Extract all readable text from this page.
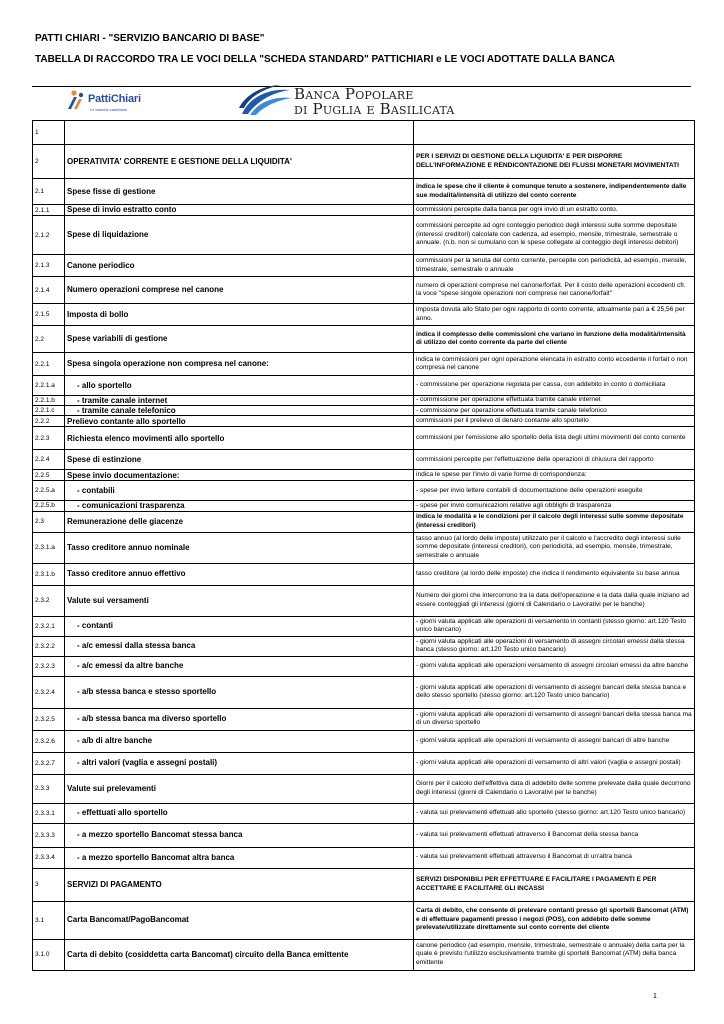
PATTI CHIARI - "SERVIZIO BANCARIO DI BASE"
TABELLA DI RACCORDO TRA LE VOCI DELLA "SCHEDA STANDARD" PATTICHIARI e LE VOCI ADOTTATE DALLA BANCA
PattiChiari
Le banche cambiano
Banca Popolare
di Puglia e Basilicata
1		
2	OPERATIVITA' CORRENTE E GESTIONE DELLA LIQUIDITA'	PER I SERVIZI DI GESTIONE DELLA LIQUIDITA' E PER DISPORRE DELL'INFORMAZIONE E RENDICONTAZIONE DEI FLUSSI MONETARI MOVIMENTATI
2.1	Spese fisse di gestione	indica le spese che il cliente è comunque tenuto a sostenere, indipendentemente dalle sue modalità/intensità di utilizzo del conto corrente
2.1.1	Spese di invio estratto conto	commissioni percepite dalla banca per ogni invio di un estratto conto.
2.1.2	Spese di liquidazione	commissioni percepite ad ogni conteggio periodico degli interessi sulle somme depositate (interessi creditori) calcolate con cadenza, ad esempio, mensile, trimestrale, semestrale o annuale. (n.b. non si cumulano con le spese collegate al conteggio degli interessi debitori)
2.1.3	Canone periodico	commissioni per la tenuta del conto corrente, percepite con periodicità, ad esempio, mensile, trimestrale, semestrale o annuale
2.1.4	Numero operazioni comprese nel canone	numero di operazioni comprese nel canone/forfait. Per il costo delle operazioni eccedenti cfr. la voce "spese singole operazioni non comprese nel canone/forfait"
2.1.5	Imposta di bollo	imposta dovuta allo Stato per ogni rapporto di conto corrente, attualmente pari a € 25,56 per anno.
2.2	Spese variabili di gestione	indica il complesso delle commissioni che variano in funzione della modalità/intensità di utilizzo del conto corrente da parte del cliente
2.2.1	Spesa singola operazione non compresa nel canone:	indica le commissioni per ogni operazione elencata in estratto conto eccedente il forfait o non compresa nel canone
2.2.1.a	- allo sportello	- commissione per operazione regolata per cassa, con addebito in conto o domiciliata
2.2.1.b	- tramite canale internet	- commissione per operazione effettuata tramite canale internet
2.2.1.c	- tramite canale telefonico	- commissione per operazione effettuata tramite canale telefonico
2.2.2	Prelievo contante allo sportello	commissioni per il prelievo di denaro contante allo sportello
2.2.3	Richiesta elenco movimenti allo sportello	commissioni per l'emissione allo sportello della lista degli ultimi movimenti del conto corrente
2.2.4	Spese di estinzione	commissioni percepite per l'effettuazione delle operazioni di chiusura del rapporto
2.2.5	Spese invio documentazione:	indica le spese per l'invio di varie forme di corrispondenza:
2.2.5.a	- contabili	- spese per invio lettere contabili di documentazione delle operazioni eseguite
2.2.5.b	- comunicazioni trasparenza	- spese per invio comunicazioni relative agli obblighi di trasparenza
2.3	Remunerazione delle giacenze	indica le modalità e le condizioni per il calcolo degli interessi sulle somme depositate (interessi creditori)
2.3.1.a	Tasso creditore annuo nominale	tasso annuo (al lordo delle imposte) utilizzato per il calcolo e l'accredito degli interessi sulle somme depositate (interessi creditori), con periodicità, ad esempio, mensile, trimestrale, semestrale o annuale
2.3.1.b	Tasso creditore annuo effettivo	tasso creditore (al lordo delle imposte) che indica il rendimento equivalente su base annua
2.3.2	Valute sui versamenti	Numero dei giorni che intercorrono tra la data dell'operazione e la data dalla quale iniziano ad essere conteggiati gli interessi (giorni di Calendario o Lavorativi per le banche)
2.3.2.1	- contanti	- giorni valuta applicati alle operazioni di versamento in contanti (stesso giorno: art.120 Testo unico bancario)
2.3.2.2	- a/c emessi dalla stessa banca	- giorni valuta applicati alle operazioni di versamento di assegni circolari emessi dalla stessa banca (stesso giorno: art.120 Testo unico bancario)
2.3.2.3	- a/c emessi da altre banche	- giorni valuta applicati alle operazioni versamento di assegni circolari emessi da altre banche
2.3.2.4	- a/b stessa banca e stesso sportello	- giorni valuta applicati alle operazioni di versamento di assegni bancari della stessa banca e dello stesso sportello (stesso giorno: art.120 Testo unico bancario)
2.3.2.5	- a/b stessa banca ma diverso sportello	- giorni valuta applicati alle operazioni di versamento di assegni bancari della stessa banca ma di un diverso sportello
2.3.2.6	- a/b di altre banche	- giorni valuta applicati alle operazioni di versamento di assegni bancari di altre banche
2.3.2.7	- altri valori (vaglia e assegni postali)	- giorni valuta applicati alle operazioni di versamento di altri valori (vaglia e assegni postali)
2.3.3	Valute sui prelevamenti	Giorni per il calcolo dell'effettiva data di addebito delle somme prelevate dalla quale decorrono degli interessi (giorni di Calendario o Lavorativi per le banche)
2.3.3.1	- effettuati allo sportello	- valuta sui prelevamenti effettuati allo sportello (stesso giorno: art.120 Testo unico bancario)
2.3.3.3	- a mezzo sportello Bancomat stessa banca	- valuta sui prelevamenti effettuati attraverso il Bancomat della stessa banca
2.3.3.4	- a mezzo sportello Bancomat altra banca	- valuta sui prelevamenti effettuati attraverso il Bancomat di un'altra banca
3	SERVIZI DI PAGAMENTO	SERVIZI DISPONIBILI PER EFFETTUARE E FACILITARE I PAGAMENTI E PER ACCETTARE E FACILITARE GLI INCASSI
3.1	Carta Bancomat/PagoBancomat	Carta di debito, che consente di prelevare contanti presso gli sportelli Bancomat (ATM) e di effettuare pagamenti presso i negozi (POS), con addebito delle somme prelevate/utilizzate direttamente sul conto corrente del cliente
3.1.0	Carta di debito (cosiddetta carta Bancomat) circuito della Banca emittente	canone periodico (ad esempio, mensile, trimestrale, semestrale o annuale) della carta per la quale è previsto l'utilizzo esclusivamente tramite gli sportelli Bancomat (ATM) della banca emittente
1
